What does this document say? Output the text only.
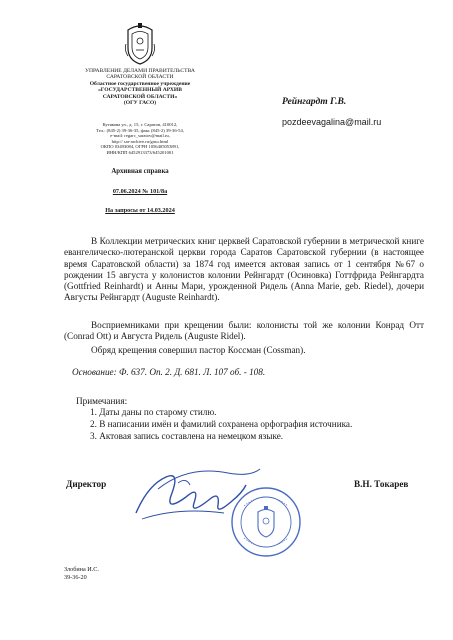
УПРАВЛЕНИЕ ДЕЛАМИ ПРАВИТЕЛЬСТВА
САРАТОВСКОЙ ОБЛАСТИ
Областное государственное учреждение
«ГОСУДАРСТВЕННЫЙ АРХИВ
САРАТОВСКОЙ ОБЛАСТИ»
(ОГУ ГАСО)
Кутякова ул., д. 15, г. Саратов, 410012,
Тел.: (845-2) 39-36-35, факс (845-2) 39-36-54,
e-mail: regarc_saratov@mail.ru,
http:// sar-archive.ru/gaso.html
ОКПО 03493084, ОГРН 1056405053891,
ИНН/КПП 6452913373/645201001
Архивная справка
07.06.2024 № 101/8а
На запросы от 14.03.2024
Рейнгардт Г.В.
pozdeevagalina@mail.ru
В Коллекции метрических книг церквей Саратовской губернии в метрической книге евангелическо-лютеранской церкви города Саратов Саратовской губернии (в настоящее время Саратовской области) за 1874 год имеется актовая запись от 1 сентября №67 о рождении 15 августа у колонистов колонии Рейнгардт (Осиновка) Готтфрида Рейнгардта (Gottfried Reinhardt) и Анны Мари, урожденной Ридель (Anna Marie, geb. Riedel), дочери Августы Рейнгардт (Auguste Reinhardt).
Восприемниками при крещении были: колонисты той же колонии Конрад Отт (Conrad Ott) и Августа Ридель (Auguste Ridel).
Обряд крещения совершил пастор Коссман (Cossman).
Основание: Ф. 637. Оп. 2. Д. 681. Л. 107 об. - 108.
Примечания:
1. Даты даны по старому стилю.
2. В написании имён и фамилий сохранена орфография источника.
3. Актовая запись составлена на немецком языке.
Директор	В.Н. Токарев
Злобина И.С.
39-36-20
